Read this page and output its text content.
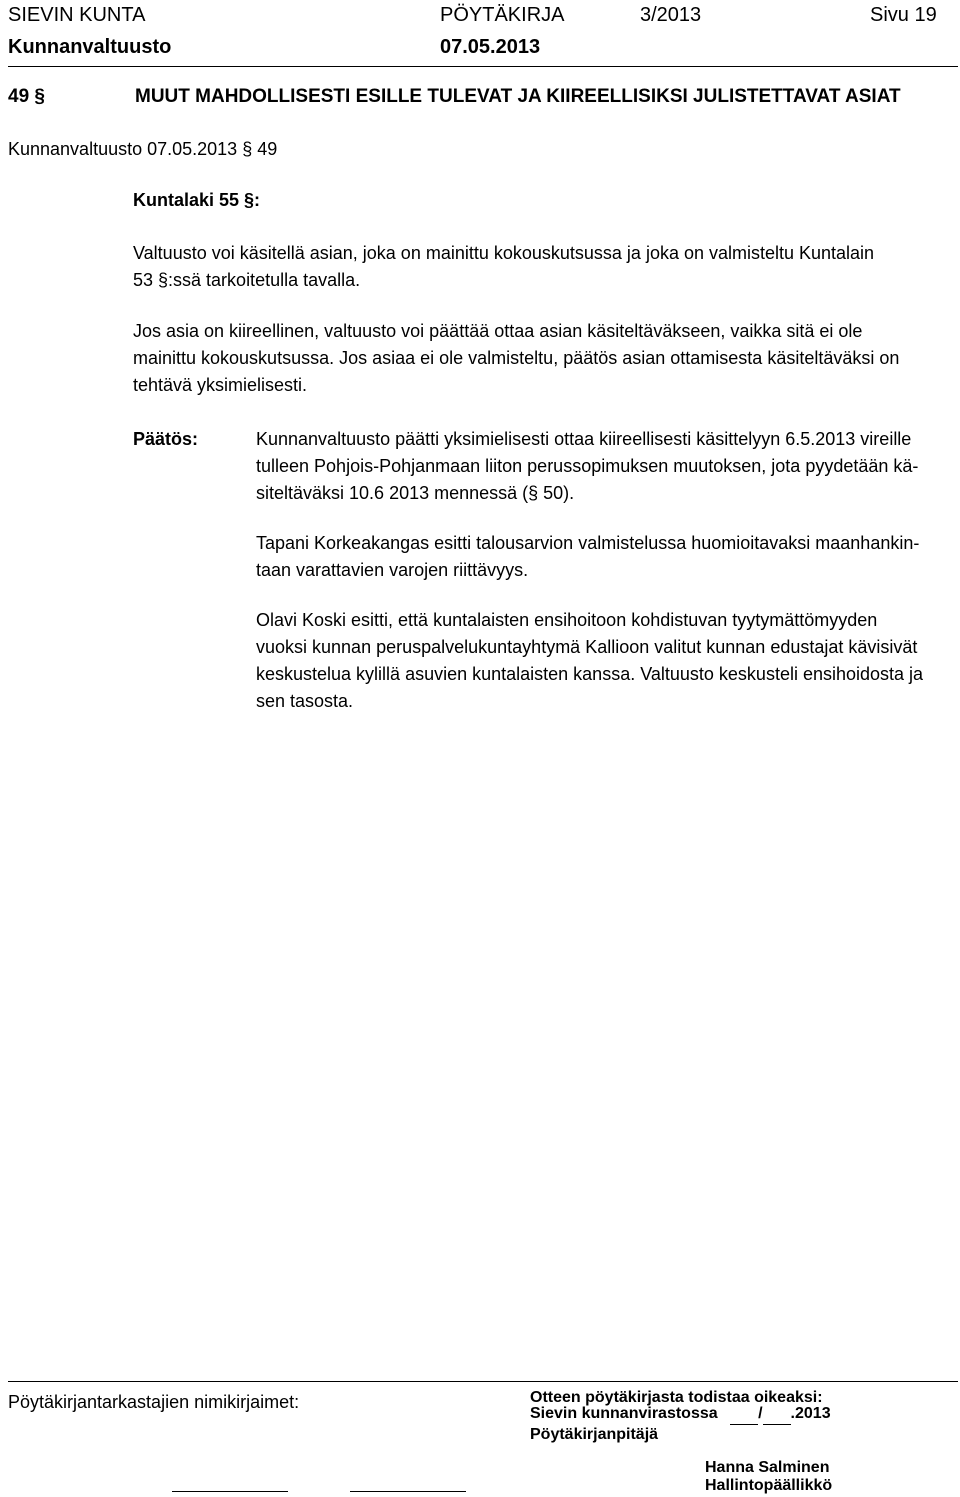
SIEVIN KUNTA	PÖYTÄKIRJA	3/2013	Sivu 19
Kunnanvaltuusto	07.05.2013
49 §	MUUT MAHDOLLISESTI ESILLE TULEVAT JA KIIREELLISIKSI JULISTETTAVAT ASIAT
Kunnanvaltuusto 07.05.2013 § 49
Kuntalaki 55 §:
Valtuusto voi käsitellä asian, joka on mainittu kokouskutsussa ja joka on valmisteltu Kuntalain
53 §:ssä tarkoitetulla tavalla.
Jos asia on kiireellinen, valtuusto voi päättää ottaa asian käsiteltäväkseen, vaikka sitä ei ole
mainittu kokouskutsussa. Jos asiaa ei ole valmisteltu, päätös asian ottamisesta käsiteltäväksi on
tehtävä yksimielisesti.
Päätös:	Kunnanvaltuusto päätti yksimielisesti ottaa kiireellisesti käsittelyyn 6.5.2013 vireille
tulleen Pohjois-Pohjanmaan liiton perussopimuksen muutoksen, jota pyydetään kä-
siteltäväksi 10.6 2013 mennessä (§ 50).
Tapani Korkeakangas esitti talousarvion valmistelussa huomioitavaksi maanhankin-
taan varattavien varojen riittävyys.
Olavi Koski esitti, että kuntalaisten ensihoitoon kohdistuvan tyytymättömyyden
vuoksi kunnan peruspalvelukuntayhtymä Kallioon valitut kunnan edustajat kävisivät
keskustelua kylillä asuvien kuntalaisten kanssa. Valtuusto keskusteli ensihoidosta ja
sen tasosta.
Pöytäkirjantarkastajien nimikirjaimet:	Otteen pöytäkirjasta todistaa oikeaksi:
Sievin kunnanvirastossa	/ .2013
Pöytäkirjanpitäjä
Hanna Salminen
Hallintopäällikkö
